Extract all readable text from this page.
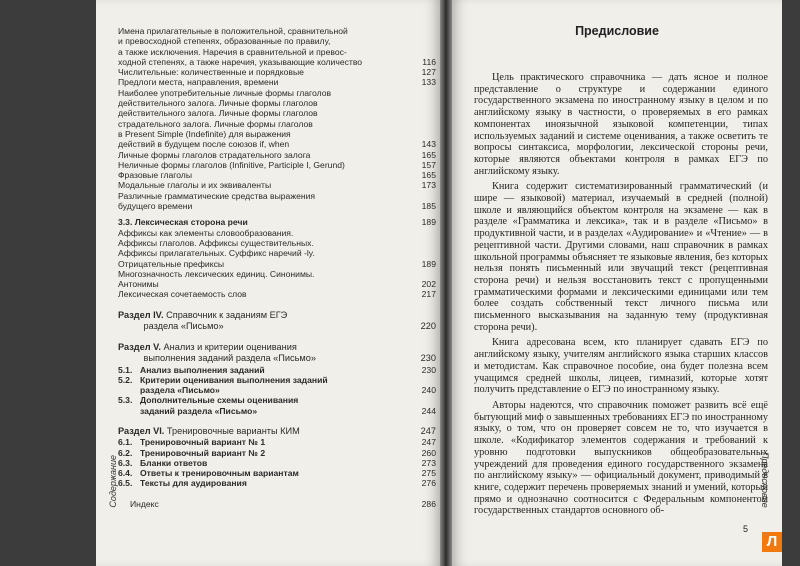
Имена прилагательные в положительной, сравнительной
и превосходной степенях, образованные по правилу,
а также исключения. Наречия в сравнительной и превос-
ходной степенях, а также наречия, указывающие количество	116
Числительные: количественные и порядковые	127
Предлоги места, направления, времени	133
Наиболее употребительные личные формы глаголов
действительного залога. Личные формы глаголов
действительного залога. Личные формы глаголов
страдательного залога. Личные формы глаголов
в Present Simple (Indefinite) для выражения
действий в будущем после союзов if, when	143
Личные формы глаголов страдательного залога	165
Неличные формы глаголов (Infinitive, Participle I, Gerund)	157
Фразовые глаголы	165
Модальные глаголы и их эквиваленты	173
Различные грамматические средства выражения
будущего времени	185
3.3. Лексическая сторона речи	189
Аффиксы как элементы словообразования.
Аффиксы глаголов. Аффиксы существительных.
Аффиксы прилагательных. Суффикс наречий -ly.
Отрицательные префиксы	189
Многозначность лексических единиц. Синонимы.
Антонимы	202
Лексическая сочетаемость слов	217
Раздел IV. Справочник к заданиям ЕГЭ
раздела «Письмо»	220
Раздел V. Анализ и критерии оценивания
выполнения заданий раздела «Письмо»	230
5.1. Анализ выполнения заданий	230
5.2. Критерии оценивания выполнения заданий
раздела «Письмо»	240
5.3. Дополнительные схемы оценивания
заданий раздела «Письмо»	244
Раздел VI. Тренировочные варианты КИМ	247
6.1. Тренировочный вариант № 1	247
6.2. Тренировочный вариант № 2	260
6.3. Бланки ответов	273
6.4. Ответы к тренировочным вариантам	275
6.5. Тексты для аудирования	276
Индекс	286
Содержание
Предисловие

Цель практического справочника — дать ясное и полное представление о структуре и содержании единого государственного экзамена по иностранному языку в целом и по английскому языку в частности, о проверяемых в его рамках компонентах иноязычной языковой компетенции, типах используемых заданий и системе оценивания, а также осветить те вопросы синтаксиса, морфологии, лексической стороны речи, которые являются объектами контроля в рамках ЕГЭ по английскому языку.

Книга содержит систематизированный грамматический (и шире — языковой) материал, изучаемый в средней (полной) школе и являющийся объектом контроля на экзамене — как в разделе «Грамматика и лексика», так и в разделе «Письмо» в продуктивной части, и в разделах «Аудирование» и «Чтение» — в рецептивной части. Другими словами, наш справочник в рамках школьной программы объясняет те языковые явления, без которых нельзя понять письменный или звучащий текст (рецептивная сторона речи) и нельзя восстановить текст с пропущенными грамматическими формами и лексическими единицами или тем более создать собственный текст личного письма или письменного высказывания на заданную тему (продуктивная сторона речи).

Книга адресована всем, кто планирует сдавать ЕГЭ по английскому языку, учителям английского языка старших классов и методистам. Как справочное пособие, она будет полезна всем учащимся средней школы, лицеев, гимназий, которые хотят получить представление о ЕГЭ по иностранному языку.

Авторы надеются, что справочник поможет развить всё ещё бытующий миф о завышенных требованиях ЕГЭ по иностранному языку, о том, что он проверяет совсем не то, что изучается в школе. «Кодификатор элементов содержания и требований к уровню подготовки выпускников общеобразовательных учреждений для проведения единого государственного экзамена по английскому языку» — официальный документ, приводимый в книге, содержит перечень проверяемых знаний и умений, который прямо и однозначно соотносится с Федеральным компонентом государственных стандартов основного об-

5
Предисловие
Л
